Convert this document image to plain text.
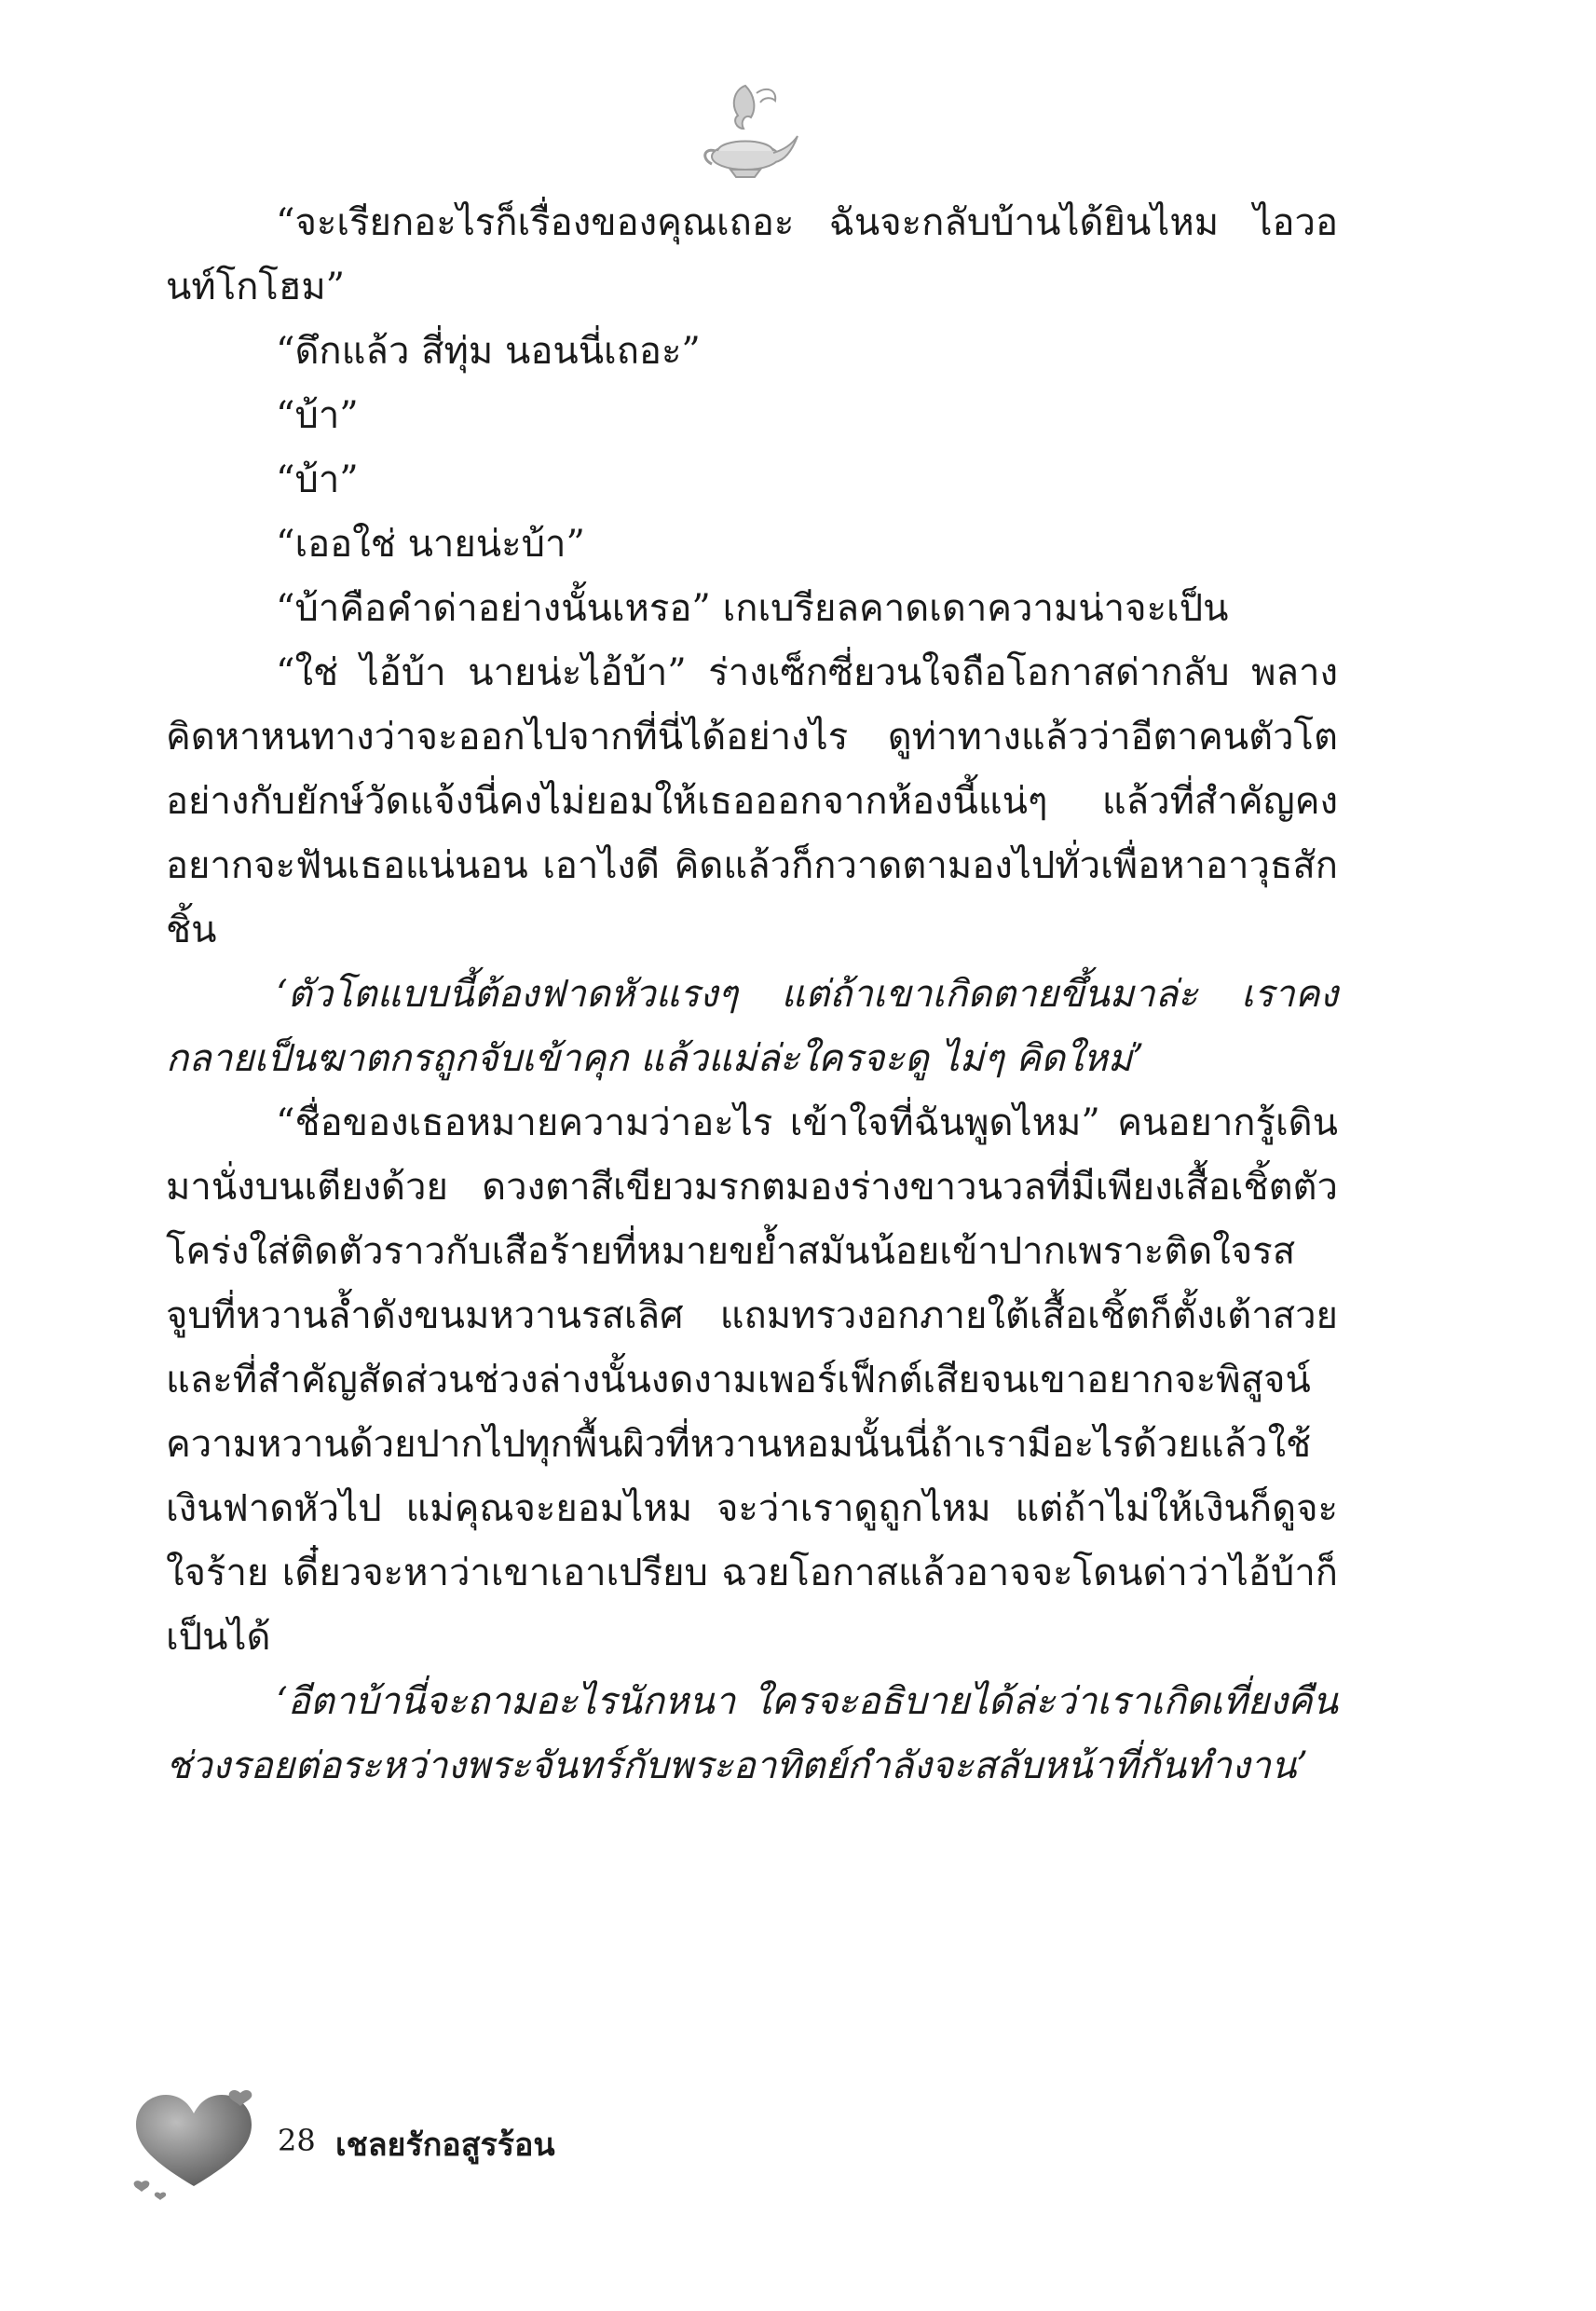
“จะเรียกอะไรก็เรื่องของคุณเถอะ ฉันจะกลับบ้านได้ยินไหม ไอวอนท์โกโฮม”

“ดึกแล้ว สี่ทุ่ม นอนนี่เถอะ”

“บ้า”

“บ้า”

“เออใช่ นายน่ะบ้า”

“บ้าคือคำด่าอย่างนั้นเหรอ” เกเบรียลคาดเดาความน่าจะเป็น

“ใช่ ไอ้บ้า นายน่ะไอ้บ้า” ร่างเซ็กซี่ยวนใจถือโอกาสด่ากลับ พลางคิดหาหนทางว่าจะออกไปจากที่นี่ได้อย่างไร ดูท่าทางแล้วว่าอีตาคนตัวโตอย่างกับยักษ์วัดแจ้งนี่คงไม่ยอมให้เธอออกจากห้องนี้แน่ๆ แล้วที่สำคัญคงอยากจะฟันเธอแน่นอน เอาไงดี คิดแล้วก็กวาดตามองไปทั่วเพื่อหาอาวุธสักชิ้น

‘ตัวโตแบบนี้ต้องฟาดหัวแรงๆ แต่ถ้าเขาเกิดตายขึ้นมาล่ะ เราคงกลายเป็นฆาตกรถูกจับเข้าคุก แล้วแม่ล่ะใครจะดู ไม่ๆ คิดใหม่’

“ชื่อของเธอหมายความว่าอะไร เข้าใจที่ฉันพูดไหม” คนอยากรู้เดินมานั่งบนเตียงด้วย ดวงตาสีเขียวมรกตมองร่างขาวนวลที่มีเพียงเสื้อเชิ้ตตัวโคร่งใส่ติดตัวราวกับเสือร้ายที่หมายขย้ำสมันน้อยเข้าปากเพราะติดใจรสจูบที่หวานล้ำดังขนมหวานรสเลิศ แถมทรวงอกภายใต้เสื้อเชิ้ตก็ตั้งเต้าสวย และที่สำคัญสัดส่วนช่วงล่างนั้นงดงามเพอร์เฟ็กต์เสียจนเขาอยากจะพิสูจน์ความหวานด้วยปากไปทุกพื้นผิวที่หวานหอมนั้นนี่ถ้าเรามีอะไรด้วยแล้วใช้เงินฟาดหัวไป แม่คุณจะยอมไหม จะว่าเราดูถูกไหม แต่ถ้าไม่ให้เงินก็ดูจะใจร้าย เดี๋ยวจะหาว่าเขาเอาเปรียบ ฉวยโอกาสแล้วอาจจะโดนด่าว่าไอ้บ้าก็เป็นได้

‘อีตาบ้านี่จะถามอะไรนักหนา ใครจะอธิบายได้ล่ะว่าเราเกิดเที่ยงคืนช่วงรอยต่อระหว่างพระจันทร์กับพระอาทิตย์กำลังจะสลับหน้าที่กันทำงาน’

28 เชลยรักอสูรร้อน
